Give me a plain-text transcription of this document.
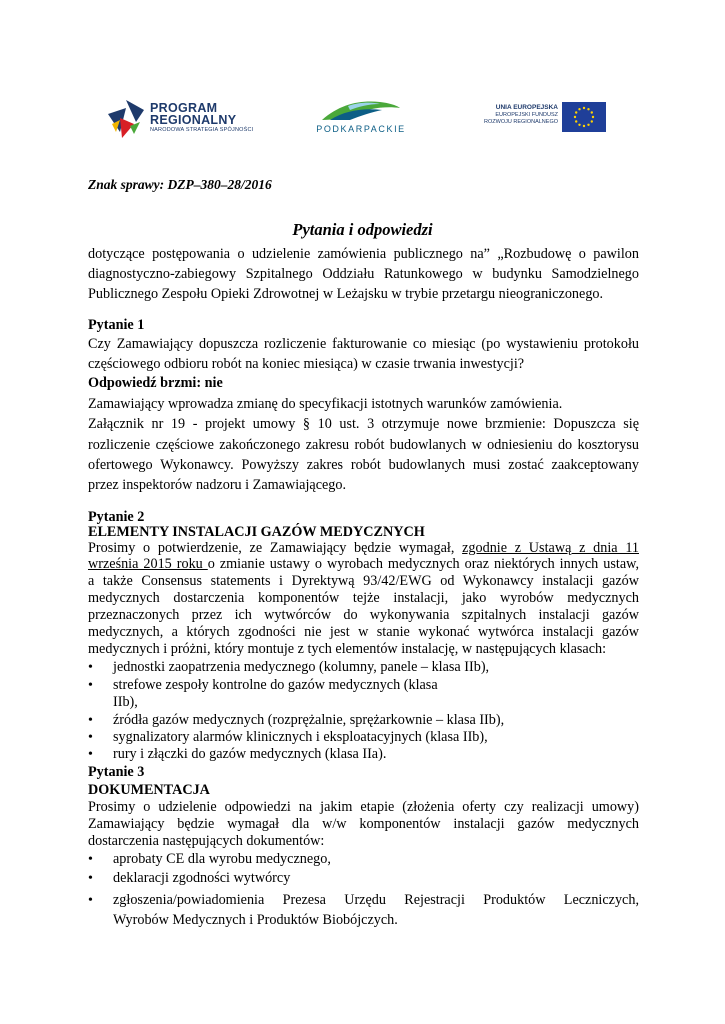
PROGRAM
REGIONALNY
NARODOWA STRATEGIA SPÓJNOŚCI	PODKARPACKIE
UNIA EUROPEJSKA
EUROPEJSKI FUNDUSZ
ROZWOJU REGIONALNEGO
Znak sprawy: DZP–380–28/2016
Pytania i odpowiedzi
dotyczące postępowania o udzielenie zamówienia publicznego na” „Rozbudowę o pawilon
diagnostyczno-zabiegowy Szpitalnego Oddziału Ratunkowego w budynku Samodzielnego
Publicznego Zespołu Opieki Zdrowotnej w Leżajsku w trybie przetargu nieograniczonego.
Pytanie 1
Czy Zamawiający dopuszcza rozliczenie fakturowanie co miesiąc (po wystawieniu protokołu
częściowego odbioru robót na koniec miesiąca) w czasie trwania inwestycji?
Odpowiedź brzmi: nie
Zamawiający wprowadza zmianę do specyfikacji istotnych warunków zamówienia.
Załącznik nr 19 - projekt umowy § 10 ust. 3 otrzymuje nowe brzmienie: Dopuszcza się
rozliczenie częściowe zakończonego zakresu robót budowlanych w odniesieniu do kosztorysu
ofertowego Wykonawcy. Powyższy zakres robót budowlanych musi zostać zaakceptowany
przez inspektorów nadzoru i Zamawiającego.
Pytanie 2
ELEMENTY INSTALACJI GAZÓW MEDYCZNYCH
Prosimy o potwierdzenie, ze Zamawiający będzie wymagał, zgodnie z Ustawą z dnia 11
września 2015 roku o zmianie ustawy o wyrobach medycznych oraz niektórych innych ustaw,
a także Consensus statements i Dyrektywą 93/42/EWG od Wykonawcy instalacji gazów
medycznych dostarczenia komponentów tejże instalacji, jako wyrobów medycznych
przeznaczonych przez ich wytwórców do wykonywania szpitalnych instalacji gazów
medycznych, a których zgodności nie jest w stanie wykonać wytwórca instalacji gazów
medycznych i próżni, który montuje z tych elementów instalację, w następujących klasach:
• jednostki zaopatrzenia medycznego (kolumny, panele – klasa IIb),
• strefowe zespoły kontrolne do gazów medycznych (klasa
IIb),
• źródła gazów medycznych (rozprężalnie, sprężarkownie – klasa IIb),
• sygnalizatory alarmów klinicznych i eksploatacyjnych (klasa IIb),
• rury i złączki do gazów medycznych (klasa IIa).
Pytanie 3
DOKUMENTACJA
Prosimy o udzielenie odpowiedzi na jakim etapie (złożenia oferty czy realizacji umowy)
Zamawiający będzie wymagał dla w/w komponentów instalacji gazów medycznych
dostarczenia następujących dokumentów:
• aprobaty CE dla wyrobu medycznego,
• deklaracji zgodności wytwórcy
• zgłoszenia/powiadomienia Prezesa Urzędu Rejestracji Produktów Leczniczych,
Wyrobów Medycznych i Produktów Biobójczych.
